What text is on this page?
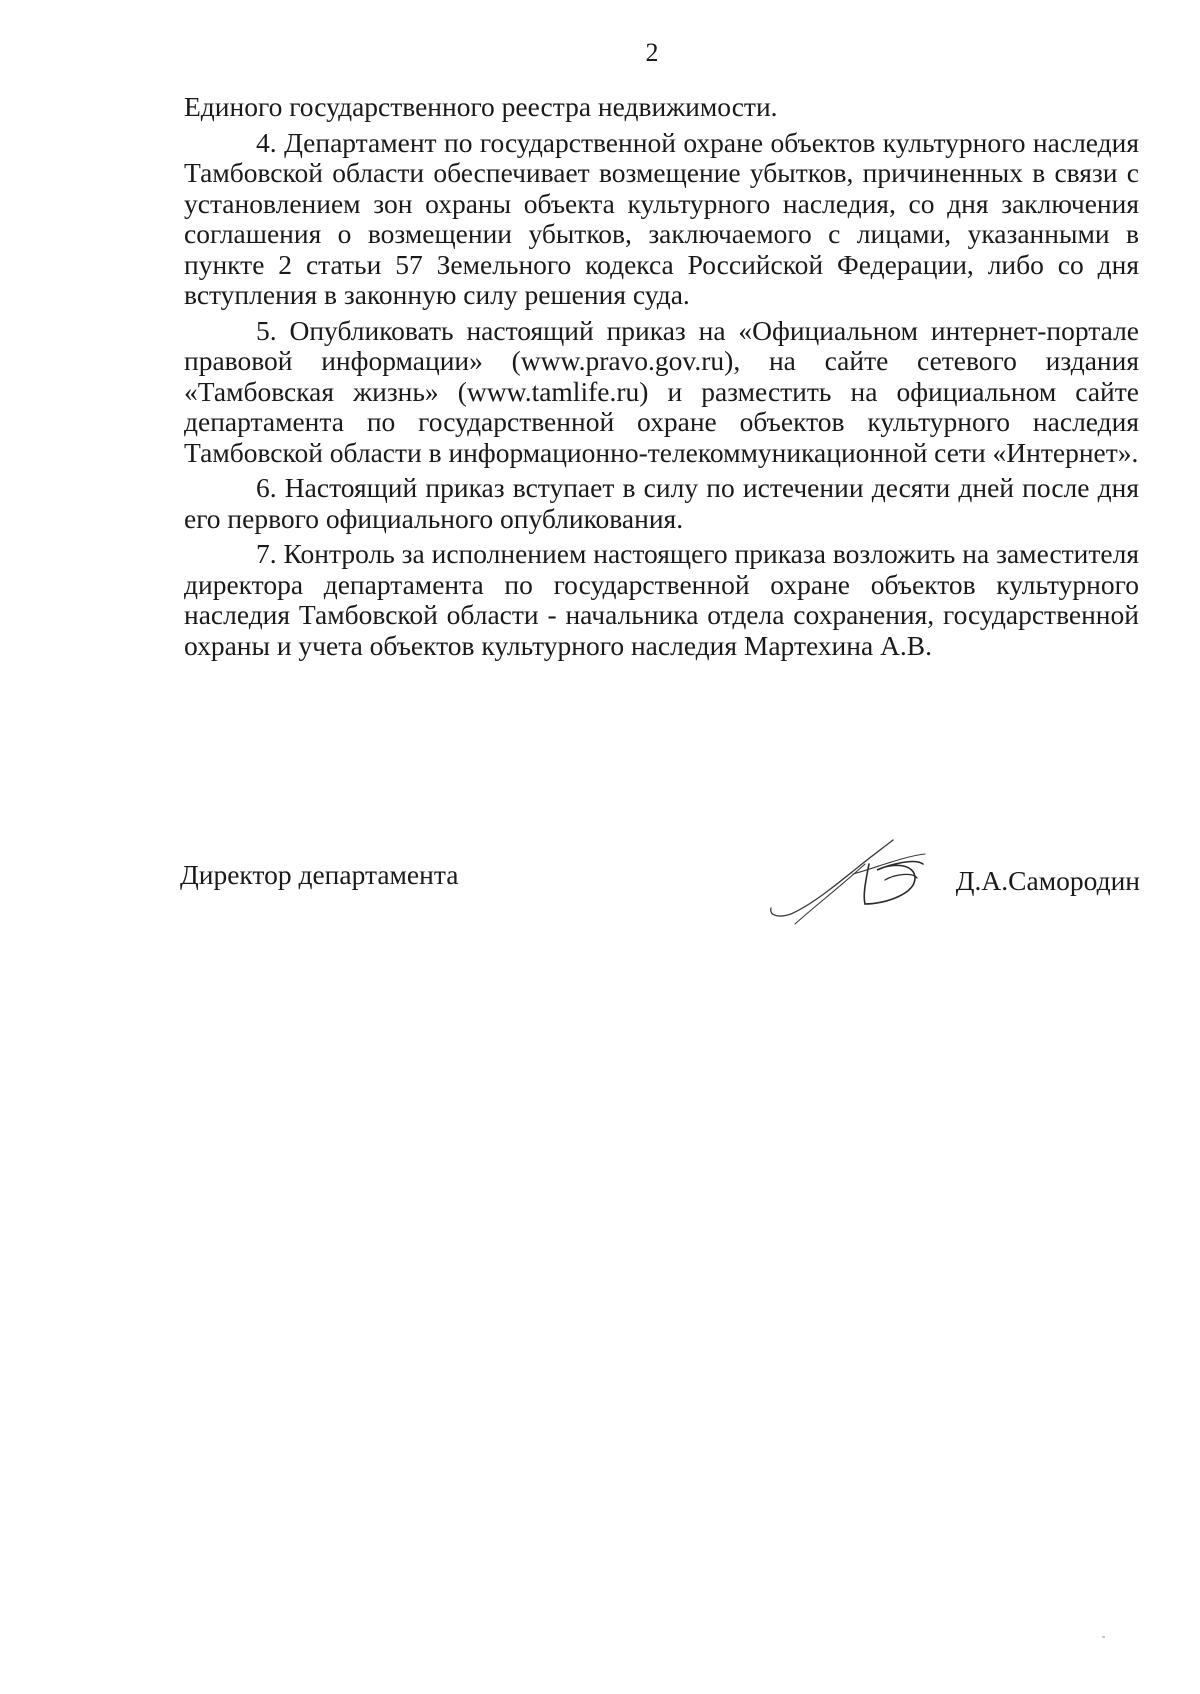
2

Единого государственного реестра недвижимости.

4. Департамент по государственной охране объектов культурного наследия Тамбовской области обеспечивает возмещение убытков, причиненных в связи с установлением зон охраны объекта культурного наследия, со дня заключения соглашения о возмещении убытков, заключаемого с лицами, указанными в пункте 2 статьи 57 Земельного кодекса Российской Федерации, либо со дня вступления в законную силу решения суда.

5. Опубликовать настоящий приказ на «Официальном интернет-портале правовой информации» (www.pravo.gov.ru), на сайте сетевого издания «Тамбовская жизнь» (www.tamlife.ru) и разместить на официальном сайте департамента по государственной охране объектов культурного наследия Тамбовской области в информационно-телекоммуникационной сети «Интернет».

6. Настоящий приказ вступает в силу по истечении десяти дней после дня его первого официального опубликования.

7. Контроль за исполнением настоящего приказа возложить на заместителя директора департамента по государственной охране объектов культурного наследия Тамбовской области - начальника отдела сохранения, государственной охраны и учета объектов культурного наследия Мартехина А.В.

Директор департамента	Д.А.Самородин
